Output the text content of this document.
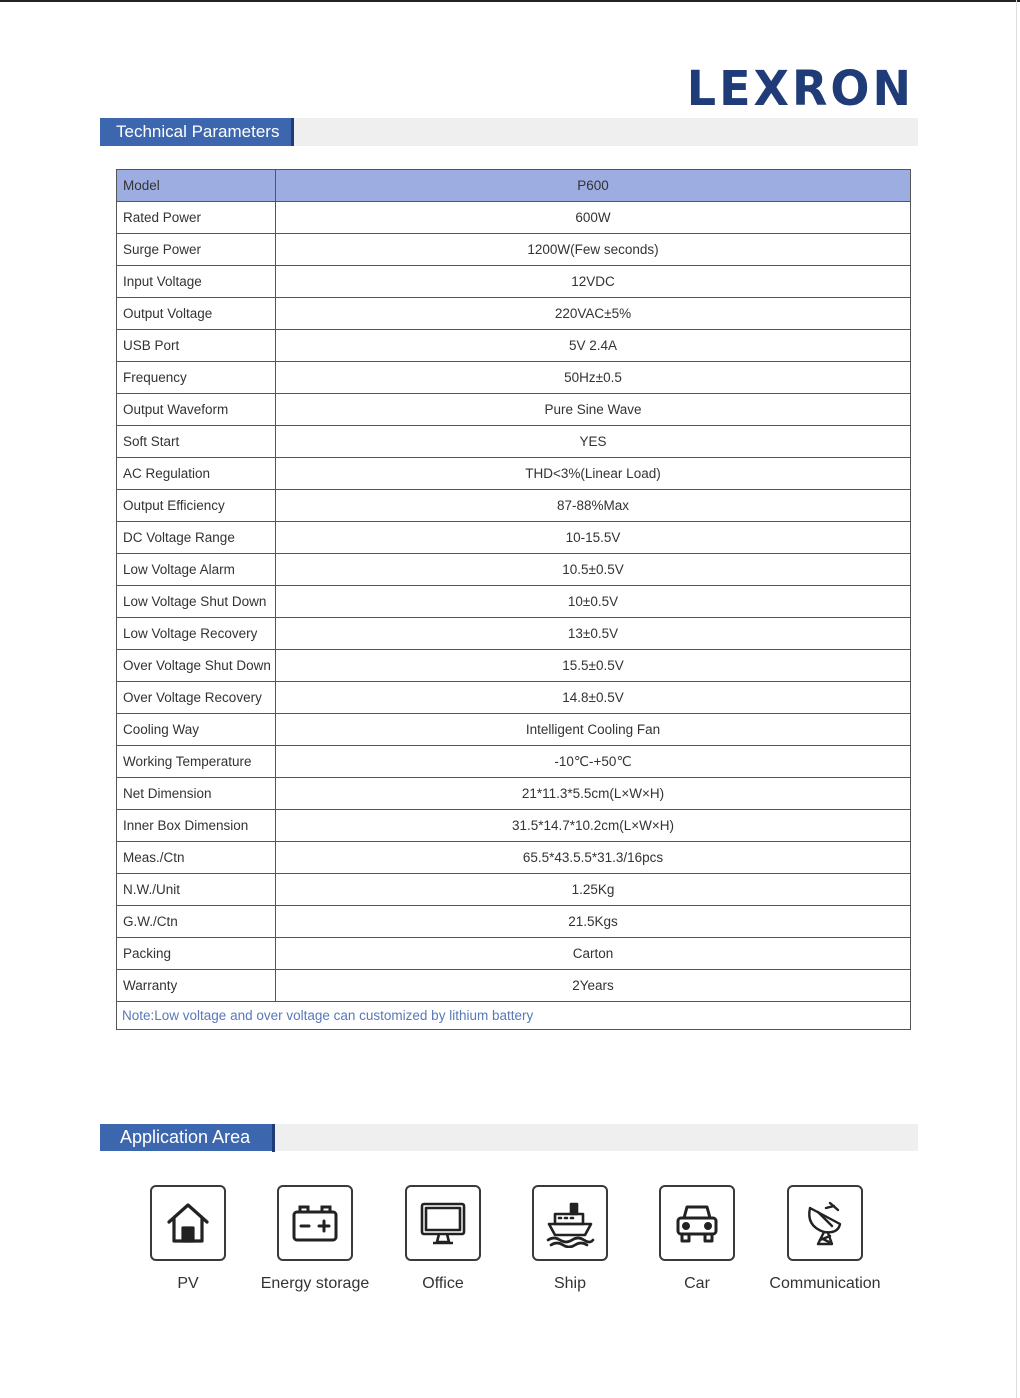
LEXRON
Technical Parameters
Model	P600
Rated Power	600W
Surge Power	1200W(Few seconds)
Input Voltage	12VDC
Output Voltage	220VAC±5%
USB Port	5V 2.4A
Frequency	50Hz±0.5
Output Waveform	Pure Sine Wave
Soft Start	YES
AC Regulation	THD<3%(Linear Load)
Output Efficiency	87-88%Max
DC Voltage Range	10-15.5V
Low Voltage Alarm	10.5±0.5V
Low Voltage Shut Down	10±0.5V
Low Voltage Recovery	13±0.5V
Over Voltage Shut Down	15.5±0.5V
Over Voltage Recovery	14.8±0.5V
Cooling Way	Intelligent Cooling Fan
Working Temperature	-10℃-+50℃
Net Dimension	21*11.3*5.5cm(L×W×H)
Inner Box Dimension	31.5*14.7*10.2cm(L×W×H)
Meas./Ctn	65.5*43.5.5*31.3/16pcs
N.W./Unit	1.25Kg
G.W./Ctn	21.5Kgs
Packing	Carton
Warranty	2Years
Note:Low voltage and over voltage can customized by lithium battery	
Application Area
PV	Energy storage	Office	Ship	Car	Communication
